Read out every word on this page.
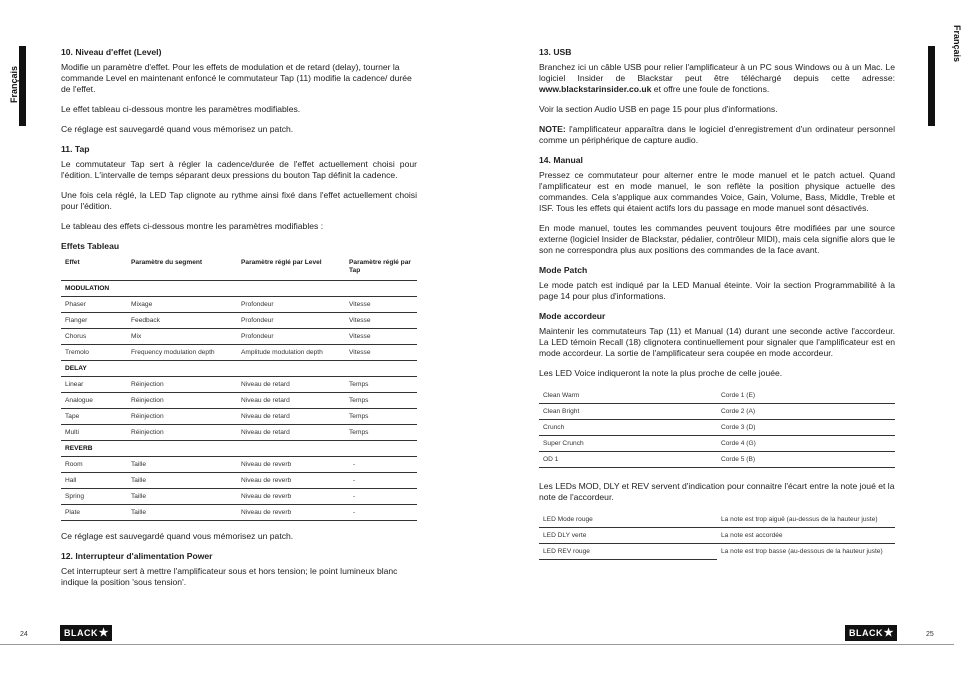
Français
Français
10. Niveau d'effet (Level)
Modifie un paramètre d'effet. Pour les effets de modulation et de retard (delay), tourner la commande Level en maintenant enfoncé le commutateur Tap (11) modifie la cadence/ durée de l'effet.
Le effet tableau ci-dessous montre les paramètres modifiables.
Ce réglage est sauvegardé quand vous mémorisez un patch.
11. Tap
Le commutateur Tap sert à régler la cadence/durée de l'effet actuellement choisi pour l'édition. L'intervalle de temps séparant deux pressions du bouton Tap définit la cadence.
Une fois cela réglé, la LED Tap clignote au rythme ainsi fixé dans l'effet actuellement choisi pour l'édition.
Le tableau des effets ci-dessous montre les paramètres modifiables :
Effets Tableau
Effet	Paramètre du segment	Paramètre réglé par Level	Paramètre réglé par Tap
MODULATION			
Phaser	Mixage	Profondeur	Vitesse
Flanger	Feedback	Profondeur	Vitesse
Chorus	Mix	Profondeur	Vitesse
Tremolo	Frequency modulation depth	Amplitude modulation depth	Vitesse
DELAY			
Linear	Réinjection	Niveau de retard	Temps
Analogue	Réinjection	Niveau de retard	Temps
Tape	Réinjection	Niveau de retard	Temps
Multi	Réinjection	Niveau de retard	Temps
REVERB			
Room	Taille	Niveau de reverb	-
Hall	Taille	Niveau de reverb	-
Spring	Taille	Niveau de reverb	-
Plate	Taille	Niveau de reverb	-
Ce réglage est sauvegardé quand vous mémorisez un patch.
12. Interrupteur d'alimentation Power
Cet interrupteur sert à mettre l'amplificateur sous et hors tension; le point lumineux blanc indique la position 'sous tension'.
13. USB
Branchez ici un câble USB pour relier l'amplificateur à un PC sous Windows ou à un Mac. Le logiciel Insider de Blackstar peut être téléchargé depuis cette adresse: www.blackstarinsider.co.uk et offre une foule de fonctions.
Voir la section Audio USB en page 15 pour plus d'informations.
NOTE: l'amplificateur apparaîtra dans le logiciel d'enregistrement d'un ordinateur personnel comme un périphérique de capture audio.
14. Manual
Pressez ce commutateur pour alterner entre le mode manuel et le patch actuel. Quand l'amplificateur est en mode manuel, le son reflète la position physique actuelle des commandes. Cela s'applique aux commandes Voice, Gain, Volume, Bass, Middle, Treble et ISF. Tous les effets qui étaient actifs lors du passage en mode manuel sont désactivés.
En mode manuel, toutes les commandes peuvent toujours être modifiées par une source externe (logiciel Insider de Blackstar, pédalier, contrôleur MIDI), mais cela signifie alors que le son ne correspondra plus aux positions des commandes de la face avant.
Mode Patch
Le mode patch est indiqué par la LED Manual éteinte. Voir la section Programmabilité à la page 14 pour plus d'informations.
Mode accordeur
Maintenir les commutateurs Tap (11) et Manual (14) durant une seconde active l'accordeur. La LED témoin Recall (18) clignotera continuellement pour signaler que l'amplificateur est en mode accordeur. La sortie de l'amplificateur sera coupée en mode accordeur.
Les LED Voice indiqueront la note la plus proche de celle jouée.
Clean Warm	Corde 1 (E)
Clean Bright	Corde 2 (A)
Crunch	Corde 3 (D)
Super Crunch	Corde 4 (G)
OD 1	Corde 5 (B)
Les LEDs MOD, DLY et REV servent d'indication pour connaitre l'écart entre la note joué et la note de l'accordeur.
LED Mode rouge	La note est trop aiguë (au-dessus de la hauteur juste)
LED DLY verte	La note est accordée
LED REV rouge	La note est trop basse (au-dessous de la hauteur juste)
24	BLACK ★	BLACK ★	25
